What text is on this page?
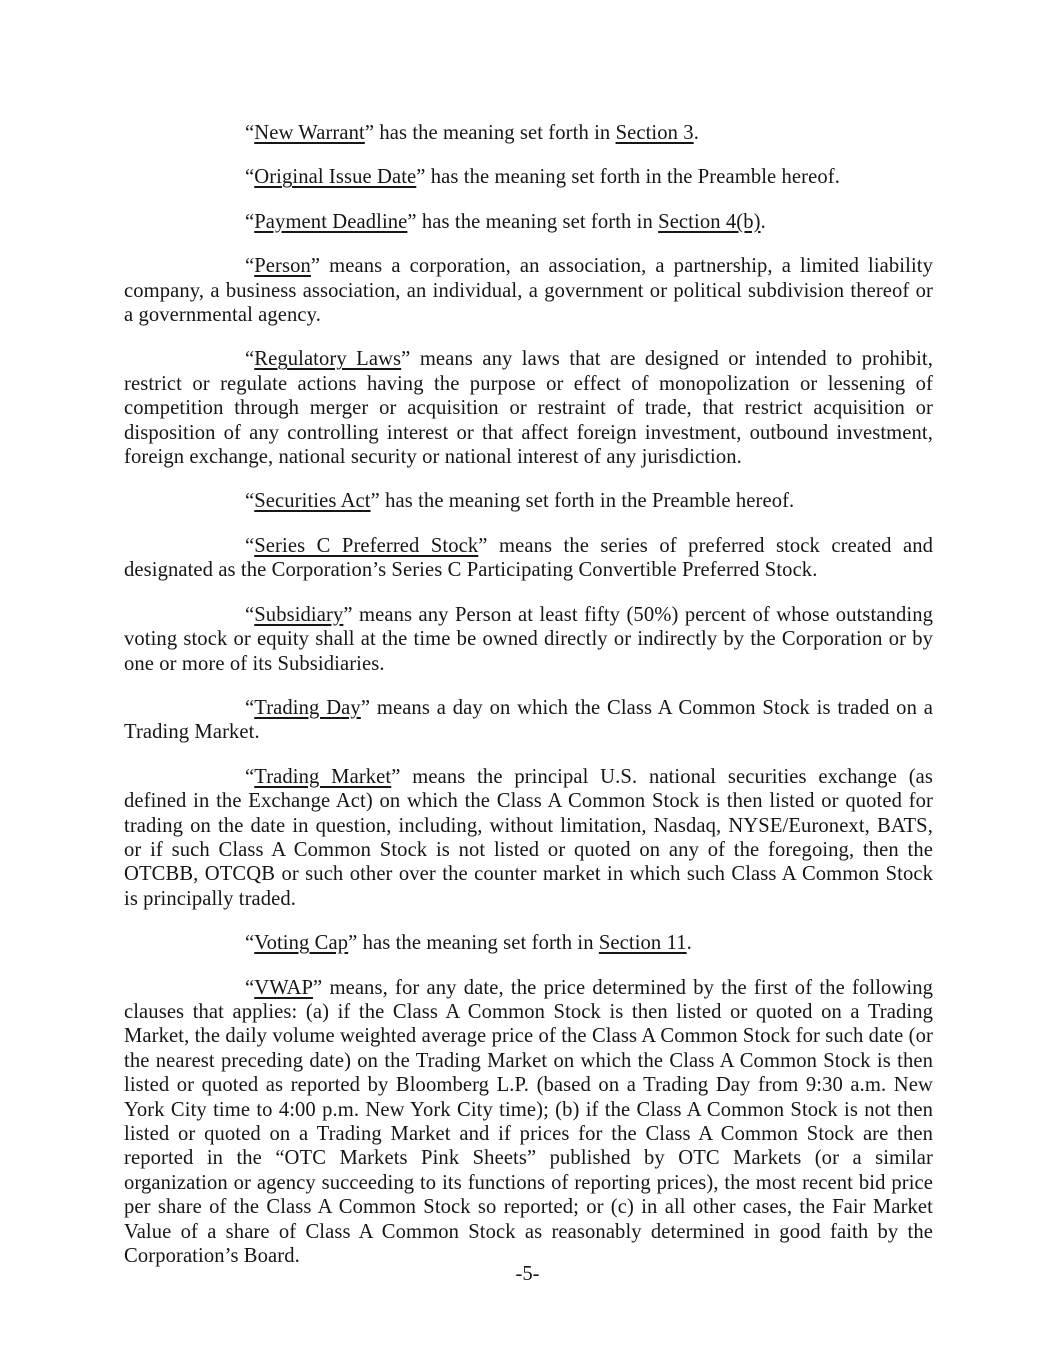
“New Warrant” has the meaning set forth in Section 3.

“Original Issue Date” has the meaning set forth in the Preamble hereof.

“Payment Deadline” has the meaning set forth in Section 4(b).

“Person” means a corporation, an association, a partnership, a limited liability company, a business association, an individual, a government or political subdivision thereof or a governmental agency.

“Regulatory Laws” means any laws that are designed or intended to prohibit, restrict or regulate actions having the purpose or effect of monopolization or lessening of competition through merger or acquisition or restraint of trade, that restrict acquisition or disposition of any controlling interest or that affect foreign investment, outbound investment, foreign exchange, national security or national interest of any jurisdiction.

“Securities Act” has the meaning set forth in the Preamble hereof.

“Series C Preferred Stock” means the series of preferred stock created and designated as the Corporation’s Series C Participating Convertible Preferred Stock.

“Subsidiary” means any Person at least fifty (50%) percent of whose outstanding voting stock or equity shall at the time be owned directly or indirectly by the Corporation or by one or more of its Subsidiaries.

“Trading Day” means a day on which the Class A Common Stock is traded on a Trading Market.

“Trading Market” means the principal U.S. national securities exchange (as defined in the Exchange Act) on which the Class A Common Stock is then listed or quoted for trading on the date in question, including, without limitation, Nasdaq, NYSE/Euronext, BATS, or if such Class A Common Stock is not listed or quoted on any of the foregoing, then the OTCBB, OTCQB or such other over the counter market in which such Class A Common Stock is principally traded.

“Voting Cap” has the meaning set forth in Section 11.

“VWAP” means, for any date, the price determined by the first of the following clauses that applies: (a) if the Class A Common Stock is then listed or quoted on a Trading Market, the daily volume weighted average price of the Class A Common Stock for such date (or the nearest preceding date) on the Trading Market on which the Class A Common Stock is then listed or quoted as reported by Bloomberg L.P. (based on a Trading Day from 9:30 a.m. New York City time to 4:00 p.m. New York City time); (b) if the Class A Common Stock is not then listed or quoted on a Trading Market and if prices for the Class A Common Stock are then reported in the “OTC Markets Pink Sheets” published by OTC Markets (or a similar organization or agency succeeding to its functions of reporting prices), the most recent bid price per share of the Class A Common Stock so reported; or (c) in all other cases, the Fair Market Value of a share of Class A Common Stock as reasonably determined in good faith by the Corporation’s Board.

-5-
